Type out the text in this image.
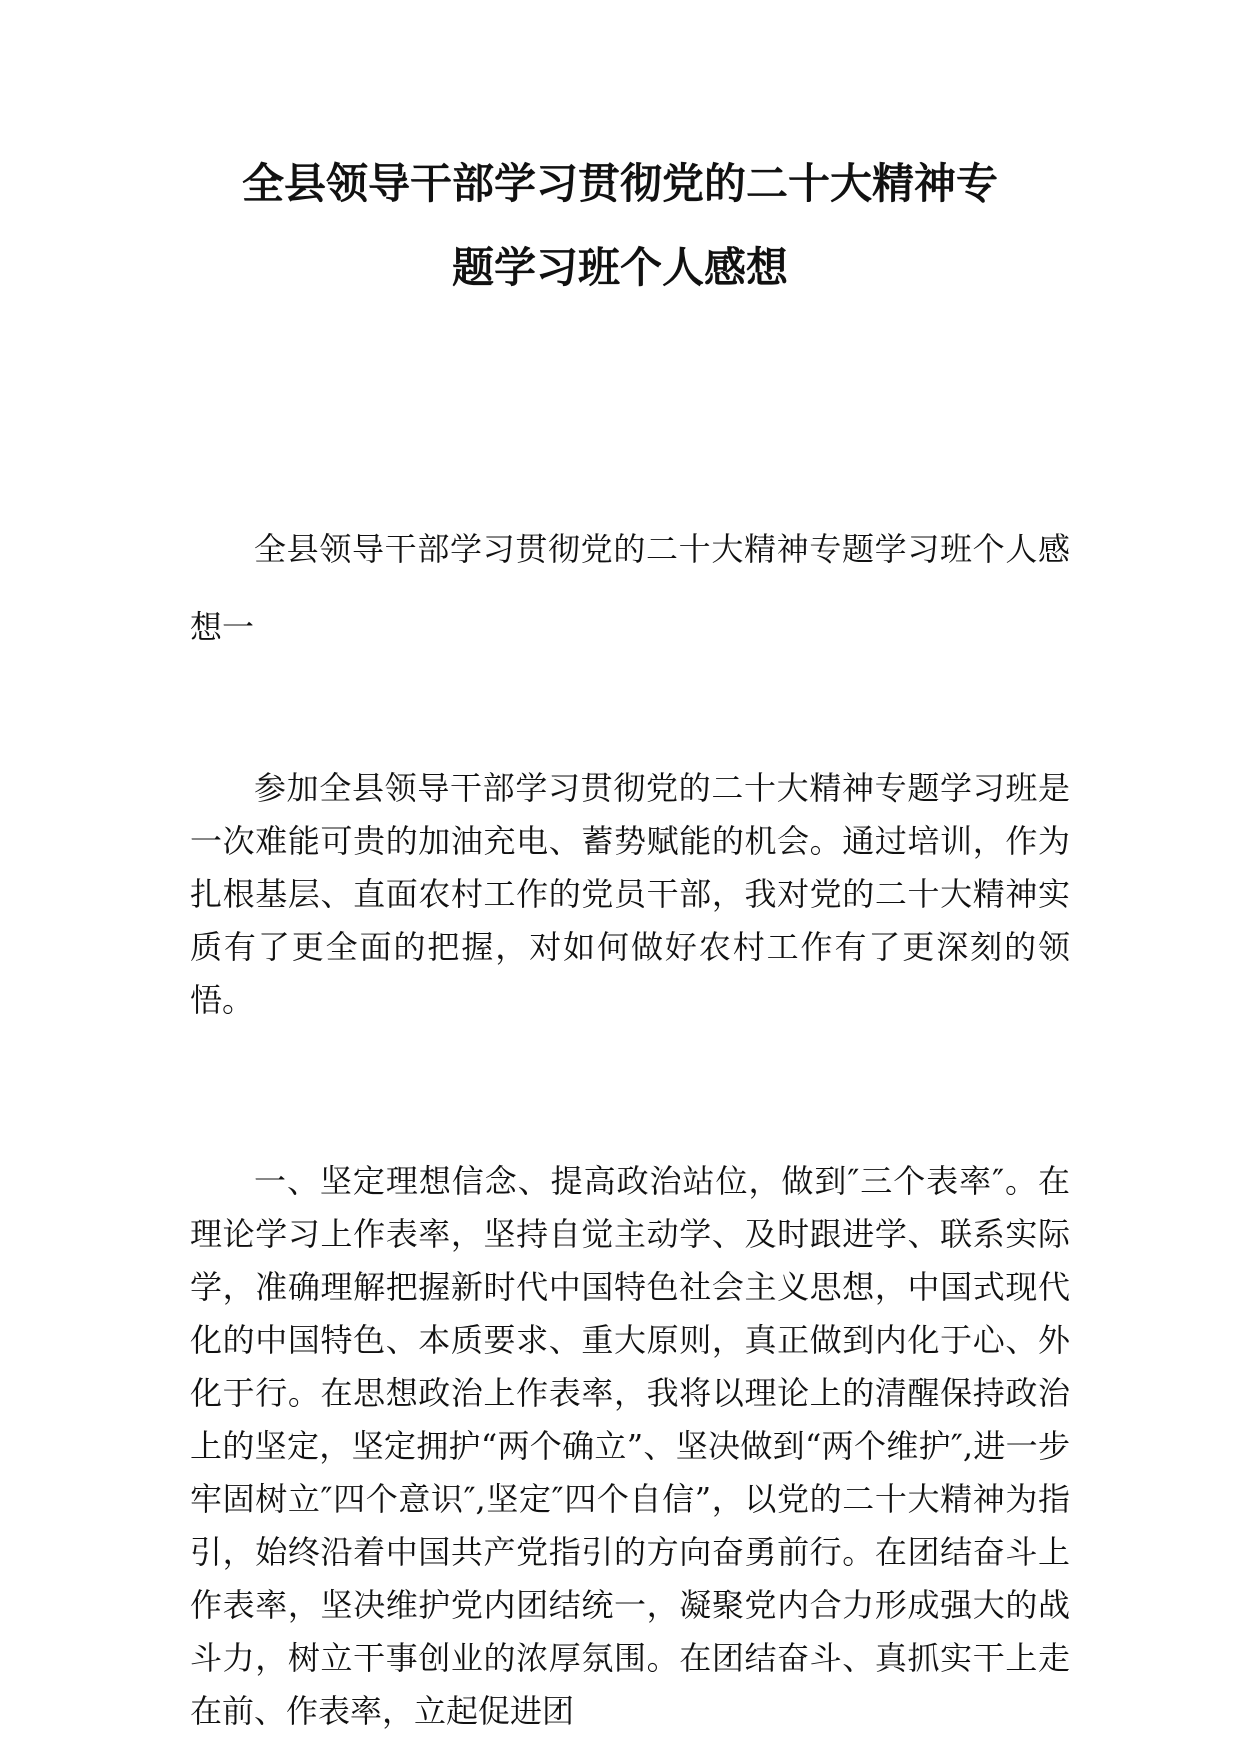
全县领导干部学习贯彻党的二十大精神专
题学习班个人感想

全县领导干部学习贯彻党的二十大精神专题学习班个人感想一

参加全县领导干部学习贯彻党的二十大精神专题学习班是一次难能可贵的加油充电、蓄势赋能的机会。通过培训，作为扎根基层、直面农村工作的党员干部，我对党的二十大精神实质有了更全面的把握，对如何做好农村工作有了更深刻的领悟。

一、坚定理想信念、提高政治站位，做到″三个表率″。在理论学习上作表率，坚持自觉主动学、及时跟进学、联系实际学，准确理解把握新时代中国特色社会主义思想，中国式现代化的中国特色、本质要求、重大原则，真正做到内化于心、外化于行。在思想政治上作表率，我将以理论上的清醒保持政治上的坚定，坚定拥护“两个确立”、坚决做到“两个维护″,进一步牢固树立″四个意识″,坚定″四个自信”，以党的二十大精神为指引，始终沿着中国共产党指引的方向奋勇前行。在团结奋斗上作表率，坚决维护党内团结统一，凝聚党内合力形成强大的战斗力，树立干事创业的浓厚氛围。在团结奋斗、真抓实干上走在前、作表率，立起促进团
